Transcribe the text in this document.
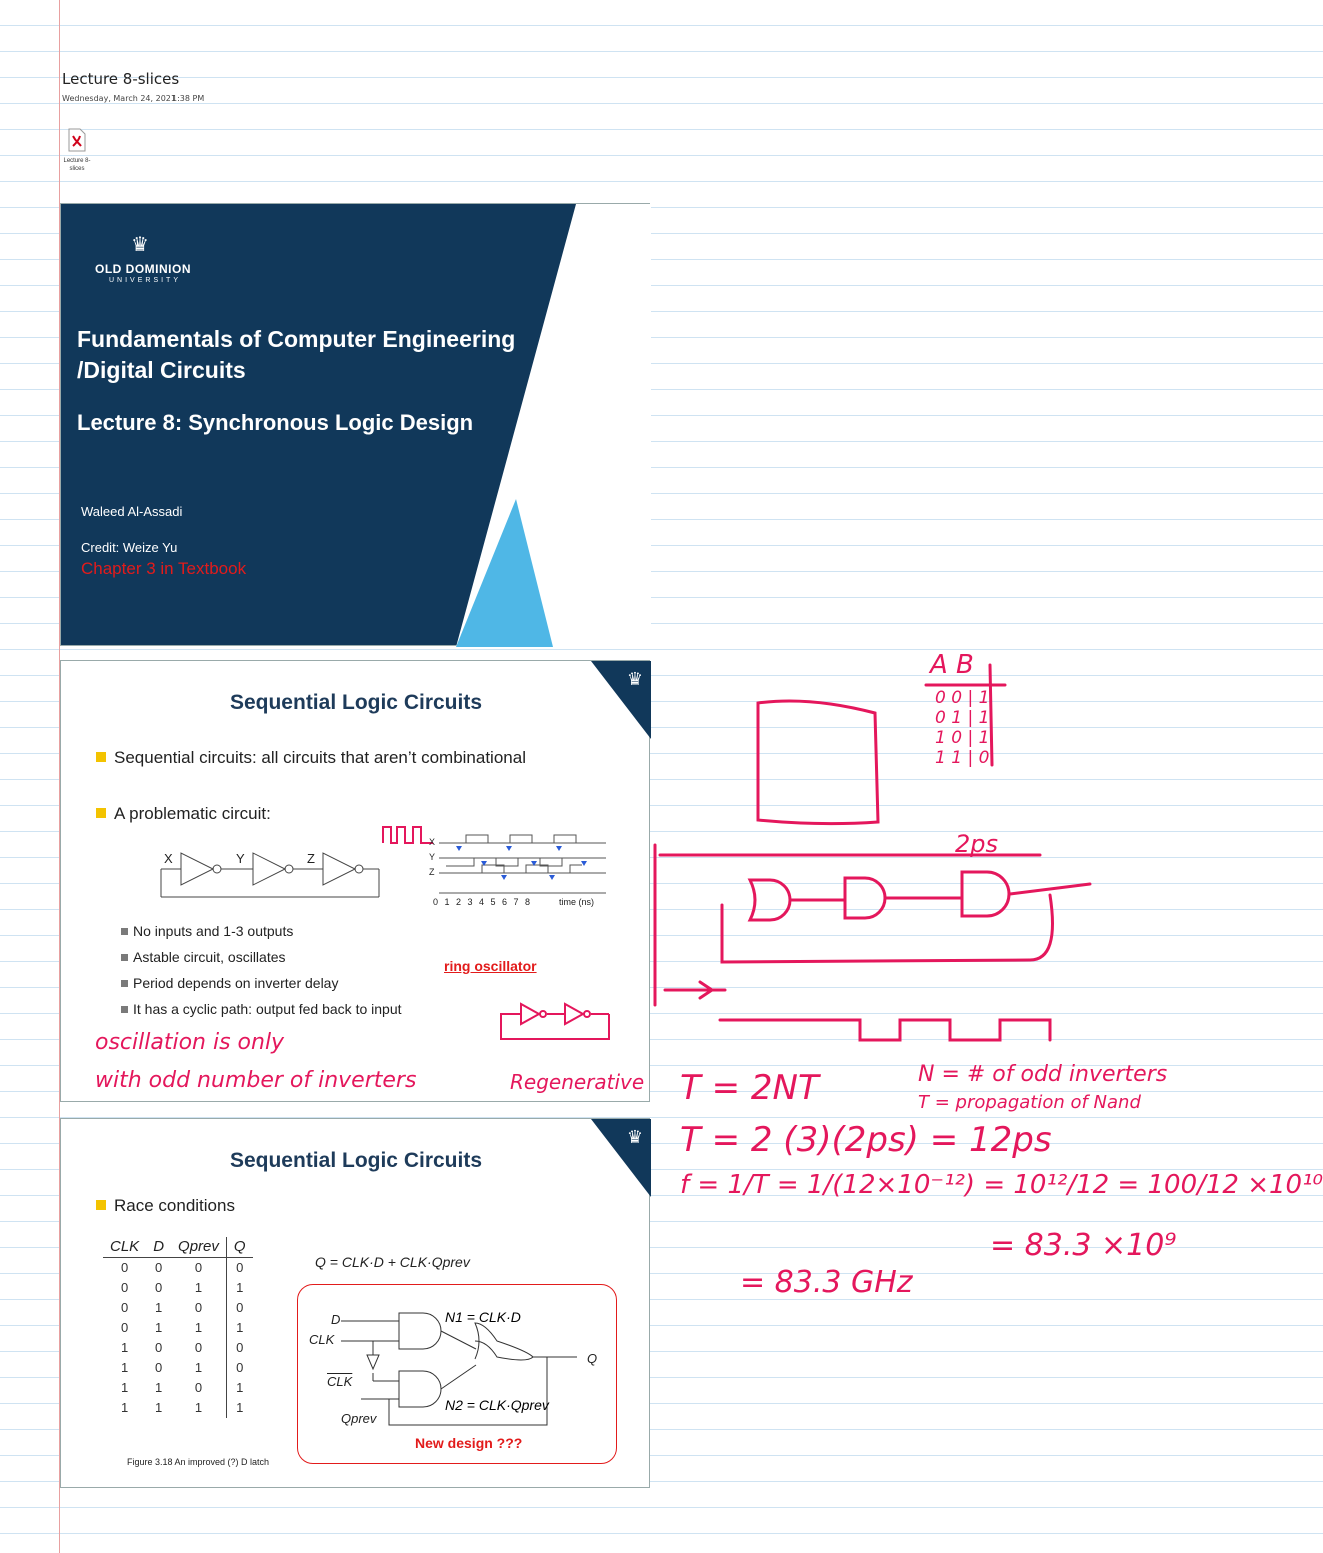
Lecture 8-slices
Wednesday, March 24, 2021
1:38 PM
Lecture 8-slices
♛
OLD DOMINION
UNIVERSITY
Fundamentals of Computer Engineering /Digital Circuits
Lecture 8: Synchronous Logic Design
Waleed Al-Assadi
Credit: Weize Yu
Chapter 3 in Textbook
♛
Sequential Logic Circuits
Sequential circuits: all circuits that aren’t combinational
A problematic circuit:
X	Y	Z
X
Y
Z
0 1 2 3 4 5 6 7 8	time (ns)
No inputs and 1-3 outputs
Astable circuit, oscillates
Period depends on inverter delay
It has a cyclic path: output fed back to input
ring oscillator
♛
Sequential Logic Circuits
Race conditions
CLK	D	Qprev	Q
0	0	0	0
0	0	1	1
0	1	0	0
0	1	1	1
1	0	0	0
1	0	1	0
1	1	0	1
1	1	1	1
Q = CLK·D + CLK·Qprev
D
CLK
$\overline{CLK}$
Qprev
Q
N1 = CLK·D
N2 = CLK·Qprev
New design ???
Figure 3.18 An improved (?) D latch
oscillation is only
with odd number of inverters	Regenerative
A B
0 0 | 1
0 1 | 1
1 0 | 1
1 1 | 0
2ps
T = 2NT	N = # of odd inverters
T = propagation of Nand
T = 2 (3)(2ps) = 12ps
f = 1/T = 1/(12×10⁻¹²) = 10¹²/12 = 100/12 ×10¹⁰
= 83.3 ×10⁹
= 83.3 GHz
